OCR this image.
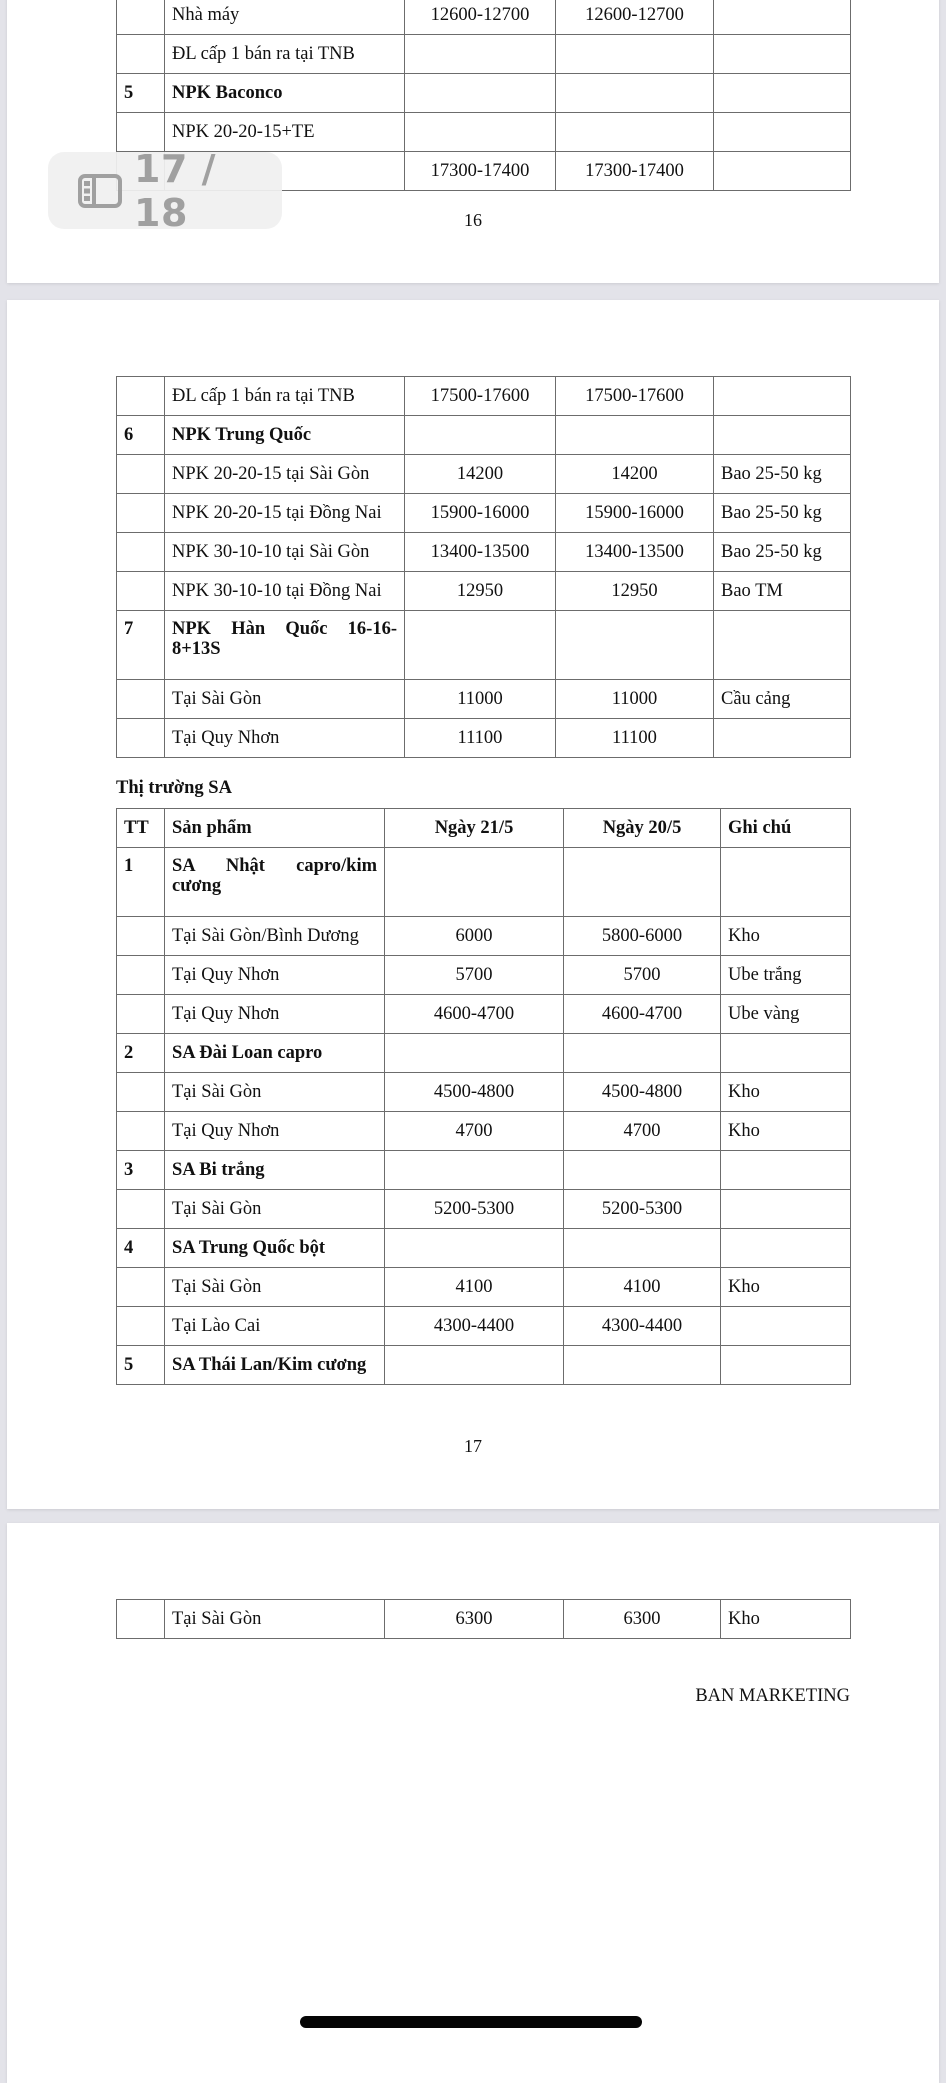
	Nhà máy	12600-12700	12600-12700	
	ĐL cấp 1 bán ra tại TNB			
5	NPK Baconco			
	NPK 20-20-15+TE			
		17300-17400	17300-17400	
16
	ĐL cấp 1 bán ra tại TNB	17500-17600	17500-17600	
6	NPK Trung Quốc			
	NPK 20-20-15 tại Sài Gòn	14200	14200	Bao 25-50 kg
	NPK 20-20-15 tại Đồng Nai	15900-16000	15900-16000	Bao 25-50 kg
	NPK 30-10-10 tại Sài Gòn	13400-13500	13400-13500	Bao 25-50 kg
	NPK 30-10-10 tại Đồng Nai	12950	12950	Bao TM
7	NPK Hàn Quốc 16-16-8+13S			
	Tại Sài Gòn	11000	11000	Cầu cảng
	Tại Quy Nhơn	11100	11100	
Thị trường SA
TT	Sản phẩm	Ngày 21/5	Ngày 20/5	Ghi chú
1	SA Nhật capro/kim cương			
	Tại Sài Gòn/Bình Dương	6000	5800-6000	Kho
	Tại Quy Nhơn	5700	5700	Ube trắng
	Tại Quy Nhơn	4600-4700	4600-4700	Ube vàng
2	SA Đài Loan capro			
	Tại Sài Gòn	4500-4800	4500-4800	Kho
	Tại Quy Nhơn	4700	4700	Kho
3	SA Bi trắng			
	Tại Sài Gòn	5200-5300	5200-5300	
4	SA Trung Quốc bột			
	Tại Sài Gòn	4100	4100	Kho
	Tại Lào Cai	4300-4400	4300-4400	
5	SA Thái Lan/Kim cương			
17
	Tại Sài Gòn	6300	6300	Kho
BAN MARKETING
17 / 18
